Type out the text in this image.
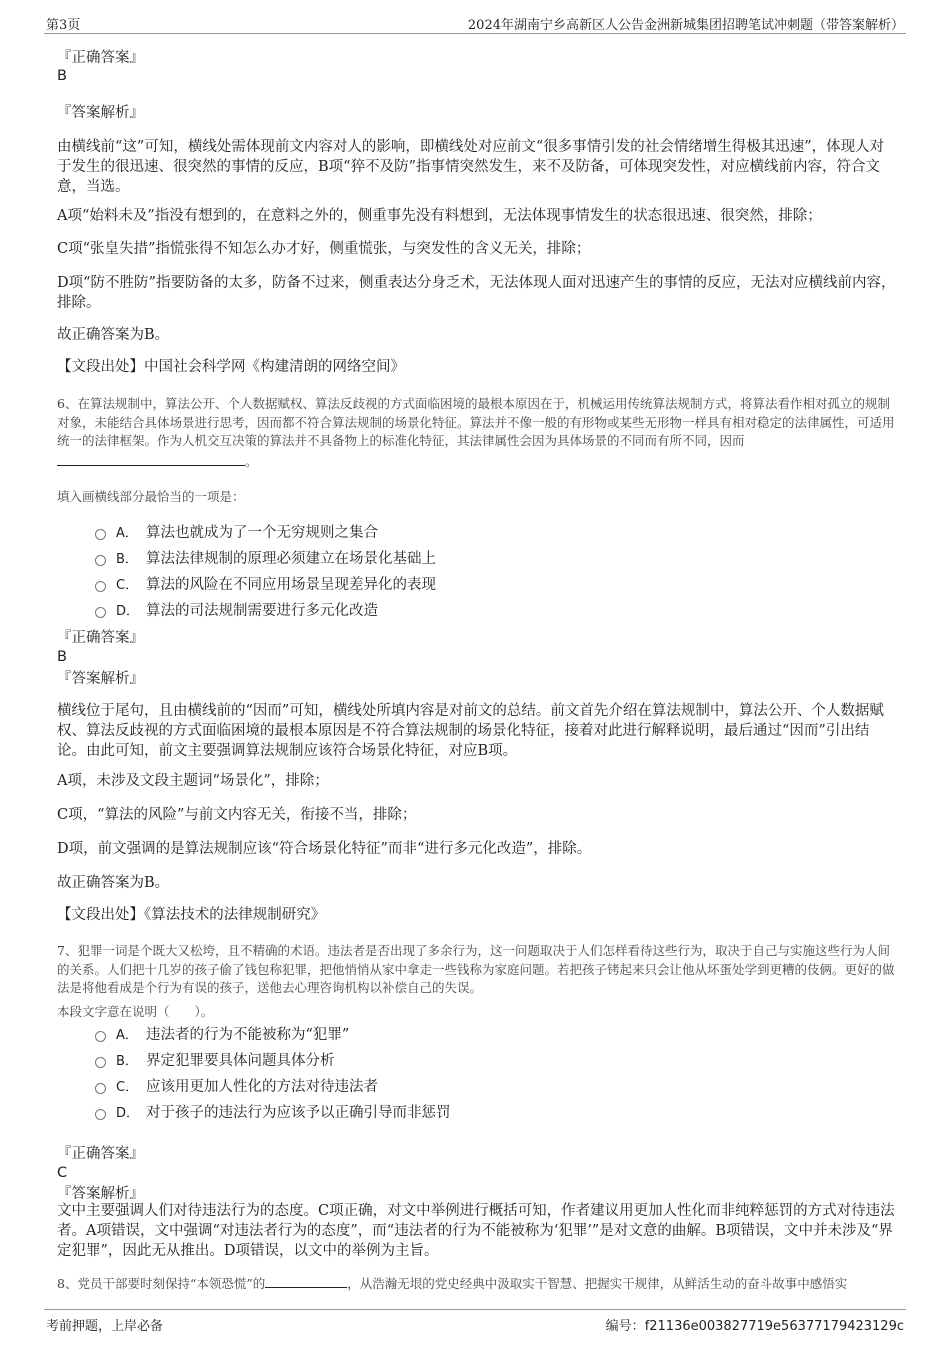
第3页	2024年湖南宁乡高新区人公告金洲新城集团招聘笔试冲刺题（带答案解析）
『正确答案』
B
『答案解析』
由横线前“这”可知，横线处需体现前文内容对人的影响，即横线处对应前文“很多事情引发的社会情绪增生得极其迅速”，体现人对于发生的很迅速、很突然的事情的反应，B项“猝不及防”指事情突然发生，来不及防备，可体现突发性，对应横线前内容，符合文意，当选。
A项“始料未及”指没有想到的，在意料之外的，侧重事先没有料想到，无法体现事情发生的状态很迅速、很突然，排除；
C项“张皇失措”指慌张得不知怎么办才好，侧重慌张，与突发性的含义无关，排除；
D项“防不胜防”指要防备的太多，防备不过来，侧重表达分身乏术，无法体现人面对迅速产生的事情的反应，无法对应横线前内容，排除。
故正确答案为B。
【文段出处】中国社会科学网《构建清朗的网络空间》
6、在算法规制中，算法公开、个人数据赋权、算法反歧视的方式面临困境的最根本原因在于，机械运用传统算法规制方式，将算法看作相对孤立的规制对象，未能结合具体场景进行思考，因而都不符合算法规制的场景化特征。算法并不像一般的有形物或某些无形物一样具有相对稳定的法律属性，可适用统一的法律框架。作为人机交互决策的算法并不具备物上的标准化特征，其法律属性会因为具体场景的不同而有所不同，因而。
填入画横线部分最恰当的一项是：
A． 算法也就成为了一个无穷规则之集合
B． 算法法律规制的原理必须建立在场景化基础上
C． 算法的风险在不同应用场景呈现差异化的表现
D． 算法的司法规制需要进行多元化改造
『正确答案』
B
『答案解析』
横线位于尾句，且由横线前的“因而”可知，横线处所填内容是对前文的总结。前文首先介绍在算法规制中，算法公开、个人数据赋权、算法反歧视的方式面临困境的最根本原因是不符合算法规制的场景化特征，接着对此进行解释说明，最后通过“因而”引出结论。由此可知，前文主要强调算法规制应该符合场景化特征，对应B项。
A项，未涉及文段主题词“场景化”，排除；
C项，“算法的风险”与前文内容无关，衔接不当，排除；
D项，前文强调的是算法规制应该“符合场景化特征”而非“进行多元化改造”，排除。
故正确答案为B。
【文段出处】《算法技术的法律规制研究》
7、犯罪一词是个既大又松垮，且不精确的术语。违法者是否出现了多余行为，这一问题取决于人们怎样看待这些行为，取决于自己与实施这些行为人间的关系。人们把十几岁的孩子偷了钱包称犯罪，把他悄悄从家中拿走一些钱称为家庭问题。若把孩子铐起来只会让他从坏蛋处学到更糟的伎俩。更好的做法是将他看成是个行为有误的孩子，送他去心理咨询机构以补偿自己的失误。
本段文字意在说明（　　）。
A． 违法者的行为不能被称为“犯罪”
B． 界定犯罪要具体问题具体分析
C． 应该用更加人性化的方法对待违法者
D． 对于孩子的违法行为应该予以正确引导而非惩罚
『正确答案』
C
『答案解析』
文中主要强调人们对待违法行为的态度。C项正确，对文中举例进行概括可知，作者建议用更加人性化而非纯粹惩罚的方式对待违法者。A项错误，文中强调“对违法者行为的态度”，而“违法者的行为不能被称为‘犯罪’”是对文意的曲解。B项错误，文中并未涉及“界定犯罪”，因此无从推出。D项错误，以文中的举例为主旨。
8、党员干部要时刻保持“本领恐慌”的	，从浩瀚无垠的党史经典中汲取实干智慧、把握实干规律，从鲜活生动的奋斗故事中感悟实
考前押题，上岸必备	编号：f21136e003827719e56377179423129c
